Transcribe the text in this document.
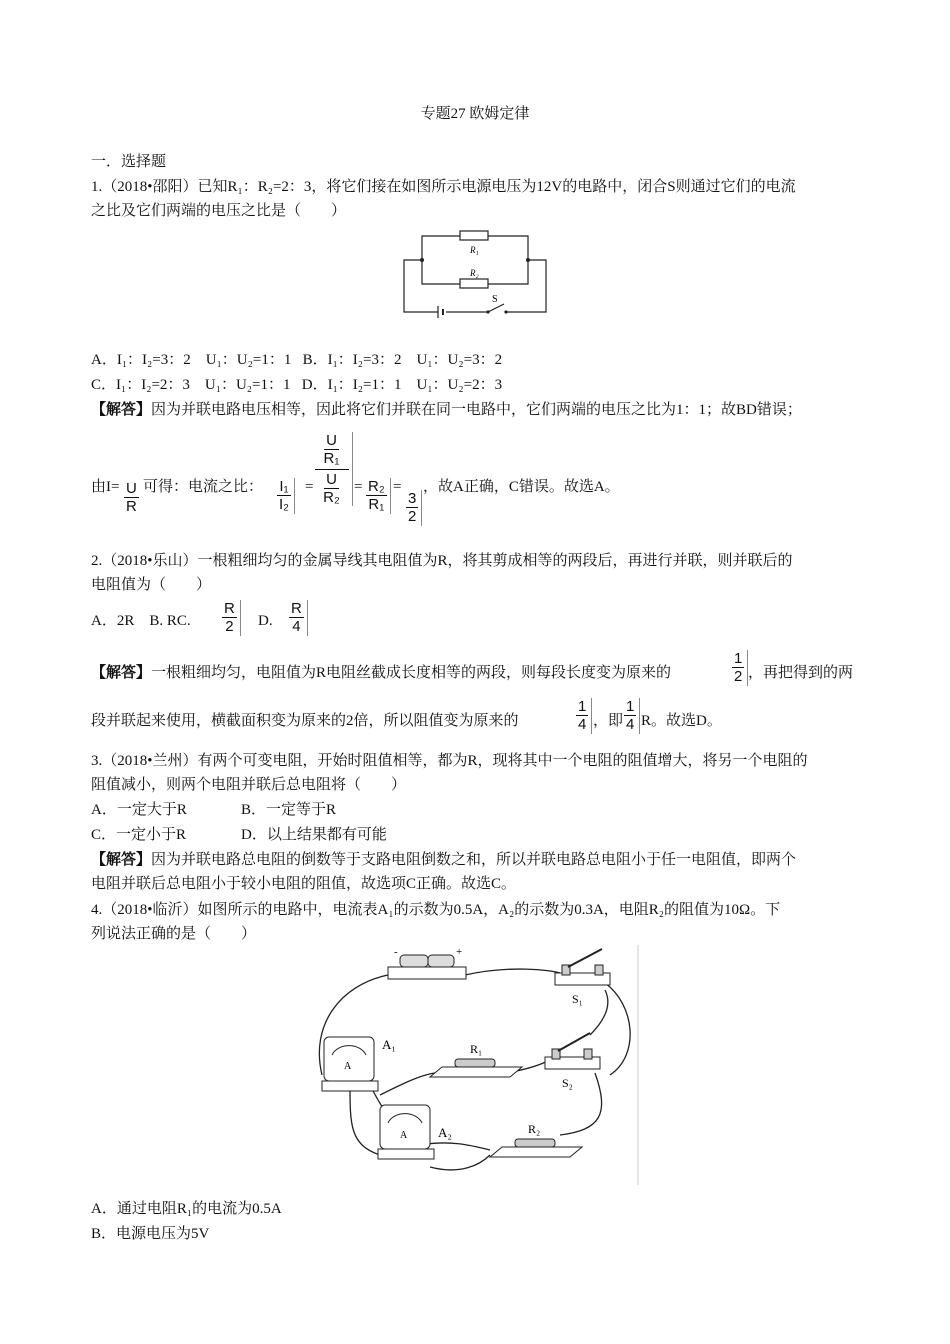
专题27 欧姆定律
一．选择题
1.（2018•邵阳）已知R₁：R₂=2：3，将它们接在如图所示电源电压为12V的电路中，闭合S则通过它们的电流
之比及它们两端的电压之比是（　　）
R₁
R₂
S
A．I₁：I₂=3：2　U₁：U₂=1：1 B．I₁：I₂=3：2　U₁：U₂=3：2
C．I₁：I₂=2：3　U₁：U₂=1：1 D．I₁：I₂=1：1　U₁：U₂=2：3
【解答】因为并联电路电压相等，因此将它们并联在同一电路中，它们两端的电压之比为1：1；故BD错误；
由$I= \frac{U}{R}$ 可得：电流之比： $\frac{\text{I₁}}{\text{I₂}}$ =
$\frac{U}{\text{R₁}}$
$\frac{U}{\text{R₂}} = \frac{\text{R₂}}{\text{R₁}}$ =
$\frac{3}{2}$
，故A正确，C错误。故选A。
2.（2018•乐山）一根粗细均匀的金属导线其电阻值为R，将其剪成相等的两段后，再进行并联，则并联后的
电阻值为（　　）
A．2R　B. RC. $\frac{R}{2} D$. $\frac{R}{4}$
【解答】一根粗细均匀，电阻值为R电阻丝截成长度相等的两段，则每段长度变为原来的	$\frac{1}{2}$ ，再把得到的两
段并联起来使用，横截面积变为原来的2倍，所以阻值变为原来的	$\frac{1}{4}$ ，即
$\frac{1}{4}$ R。故选D。
3.（2018•兰州）有两个可变电阻，开始时阻值相等，都为R，现将其中一个电阻的阻值增大，将另一个电阻的
阻值减小，则两个电阻并联后总电阻将（　　）
A．一定大于R	B．一定等于R
C．一定小于R	D．以上结果都有可能
【解答】因为并联电路总电阻的倒数等于支路电阻倒数之和，所以并联电路总电阻小于任一电阻值，即两个
电阻并联后总电阻小于较小电阻的阻值，故选项C正确。故选C。
4.（2018•临沂）如图所示的电路中，电流表A₁的示数为0.5A，A₂的示数为0.3A，电阻R₂的阻值为10Ω。下
列说法正确的是（　　）
-	+
S₁
A
A₁	R₁
S₂
A A₂	R₂
A．通过电阻R₁的电流为0.5A
B．电源电压为5V
